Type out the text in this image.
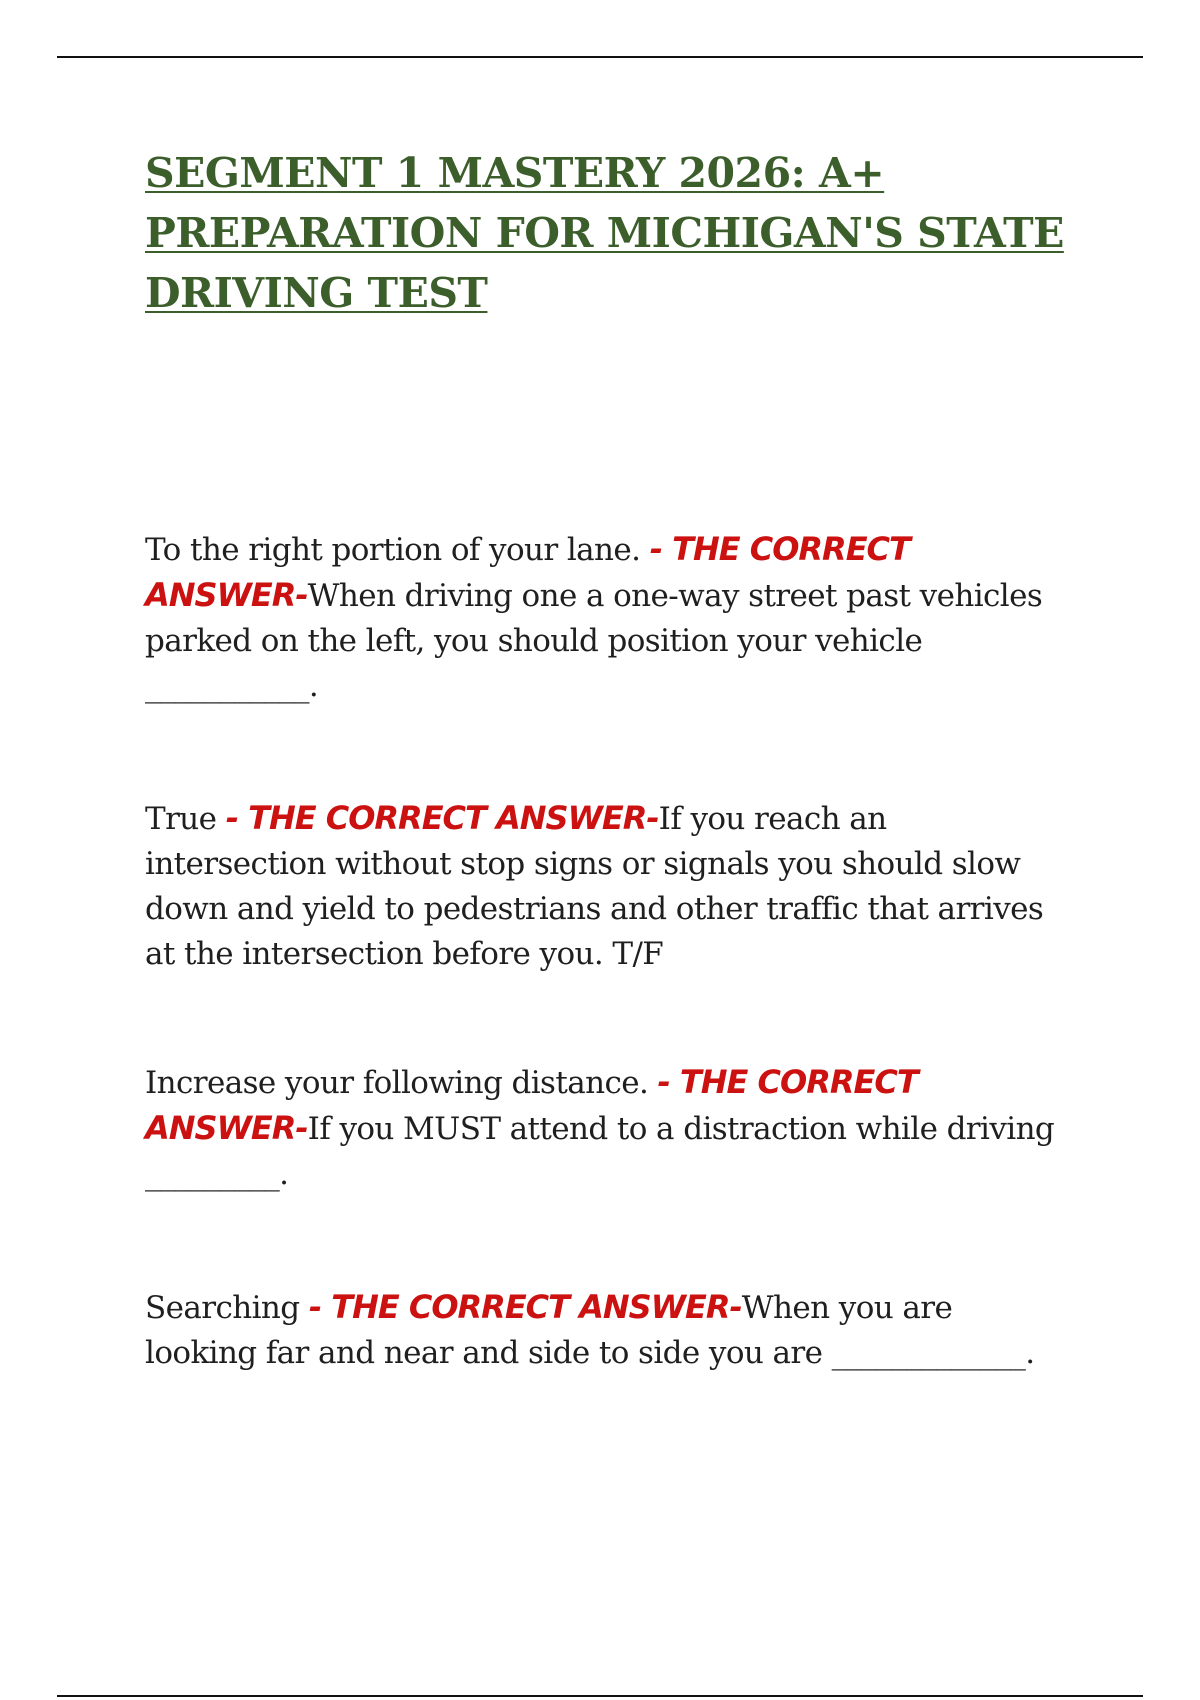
SEGMENT 1 MASTERY 2026: A+ PREPARATION FOR MICHIGAN'S STATE DRIVING TEST

To the right portion of your lane. - THE CORRECT ANSWER-When driving one a one-way street past vehicles parked on the left, you should position your vehicle ___________.

True - THE CORRECT ANSWER-If you reach an intersection without stop signs or signals you should slow down and yield to pedestrians and other traffic that arrives at the intersection before you. T/F

Increase your following distance. - THE CORRECT ANSWER-If you MUST attend to a distraction while driving _________.

Searching - THE CORRECT ANSWER-When you are looking far and near and side to side you are _____________.
